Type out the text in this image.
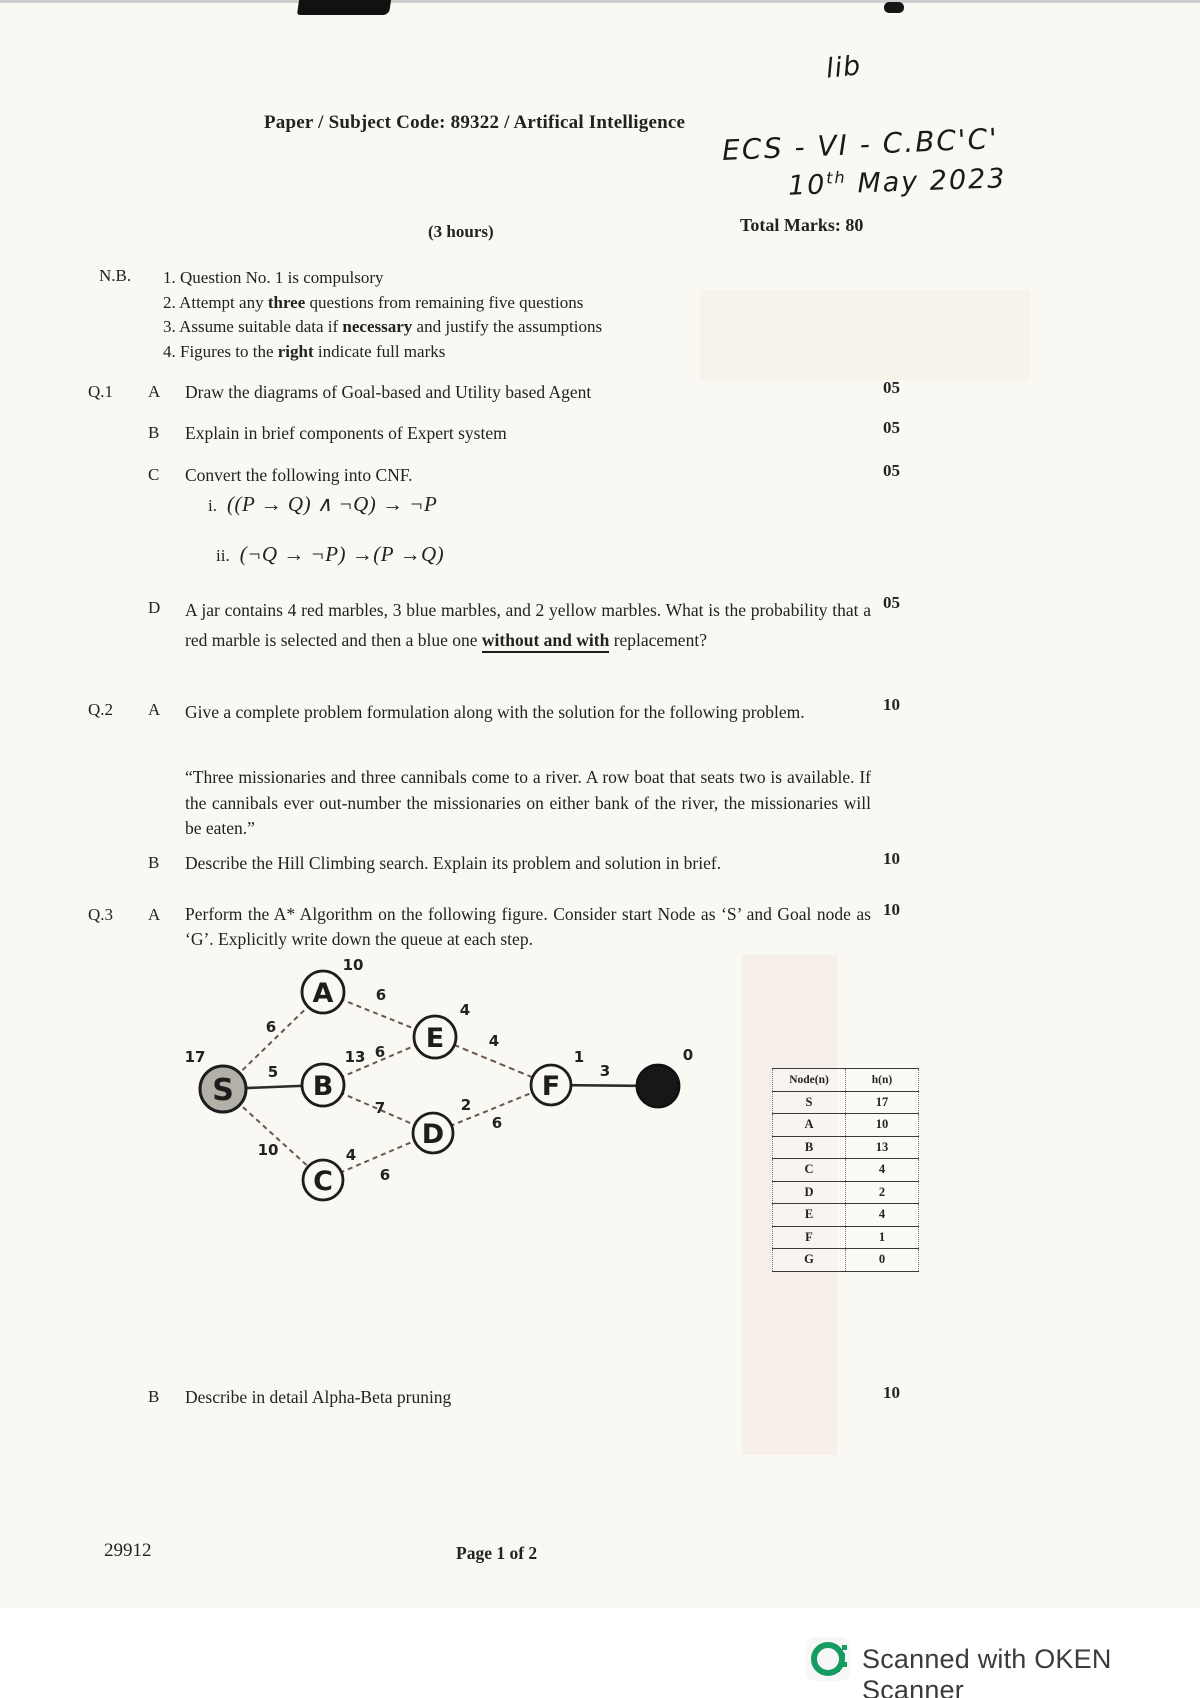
lib
ECS - VI - C.BC'C'
10th May 2023
Paper / Subject Code: 89322 / Artifical Intelligence
(3 hours)	Total Marks: 80
N.B. 1. Question No. 1 is compulsory
2. Attempt any three questions from remaining five questions
3. Assume suitable data if necessary and justify the assumptions
4. Figures to the right indicate full marks
Q.1 A Draw the diagrams of Goal-based and Utility based Agent	05
B Explain in brief components of Expert system	05
C Convert the following into CNF.	05
i. ((P → Q) ∧ ¬Q) → ¬P
ii. (¬Q → ¬P) →(P →Q)
D A jar contains 4 red marbles, 3 blue marbles, and 2 yellow marbles. What is the probability that a red marble is selected and then a blue one without and with replacement?
05
Q.2 A Give a complete problem formulation along with the solution for the following problem.	10
“Three missionaries and three cannibals come to a river. A row boat that seats two is available. If the cannibals ever out-number the missionaries on either bank of the river, the missionaries will be eaten.”
B Describe the Hill Climbing search. Explain its problem and solution in brief.	10
Q.3 A Perform the A* Algorithm on the following figure. Consider start Node as ‘S’ and Goal node as ‘G’. Explicitly write down the queue at each step.
10
S
A
B
C
E
D
F
17
10
13
4
4
2
1	0
6
5
10
6
6
7
6
4
6
3	Node(n)	h(n)
S	17
A	10
B	13
C	4
D	2
E	4
F	1
G	0
B Describe in detail Alpha-Beta pruning	10
29912	Page 1 of 2
Scanned with OKEN Scanner
